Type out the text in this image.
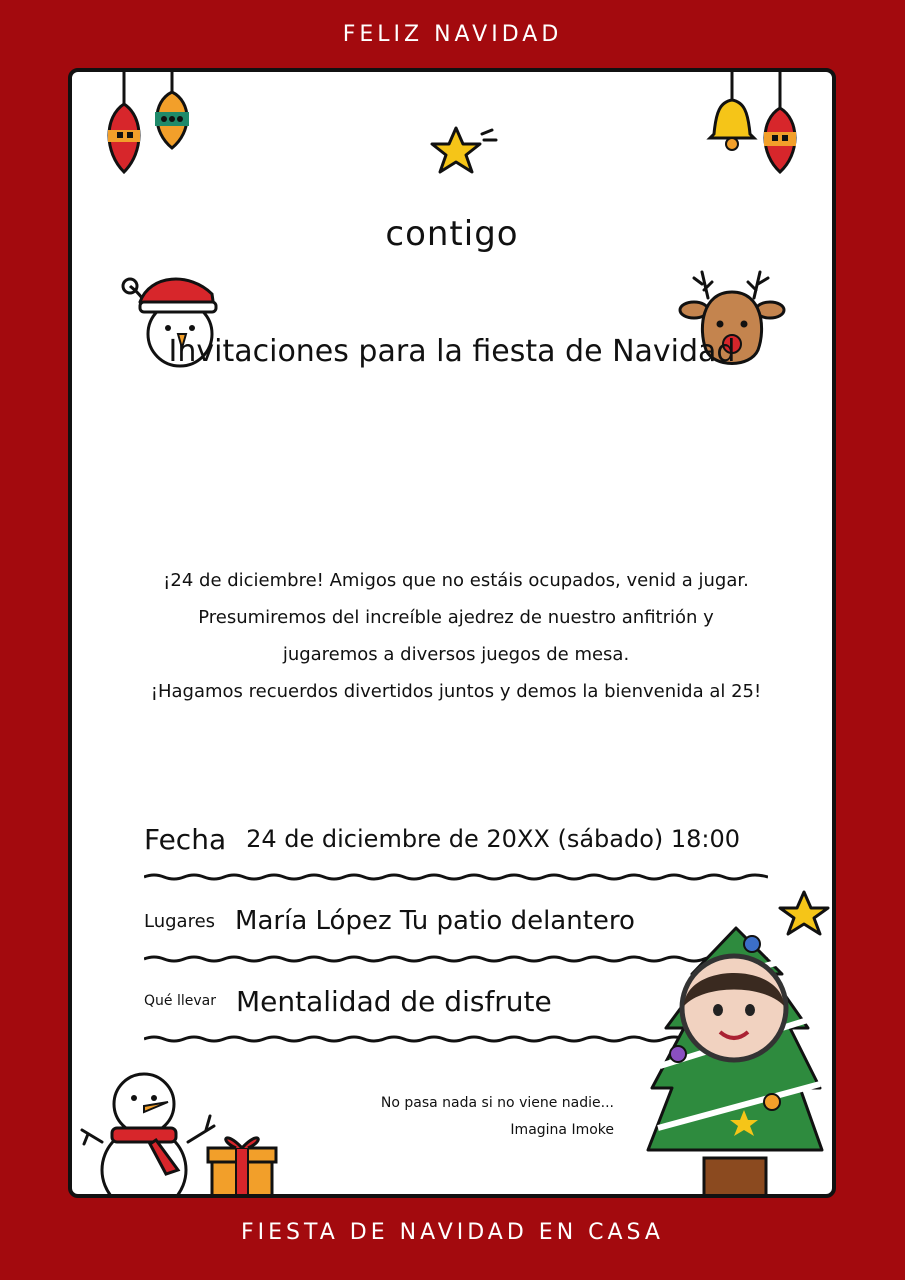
FELIZ NAVIDAD
contigo
Invitaciones para la fiesta de Navidad
¡24 de diciembre! Amigos que no estáis ocupados, venid a jugar.
Presumiremos del increíble ajedrez de nuestro anfitrión y
jugaremos a diversos juegos de mesa.
¡Hagamos recuerdos divertidos juntos y demos la bienvenida al 25!
Fecha 24 de diciembre de 20XX (sábado) 18:00
Lugares María López Tu patio delantero
Qué llevar Mentalidad de disfrute
No pasa nada si no viene nadie...
Imagina Imoke
FIESTA DE NAVIDAD EN CASA
